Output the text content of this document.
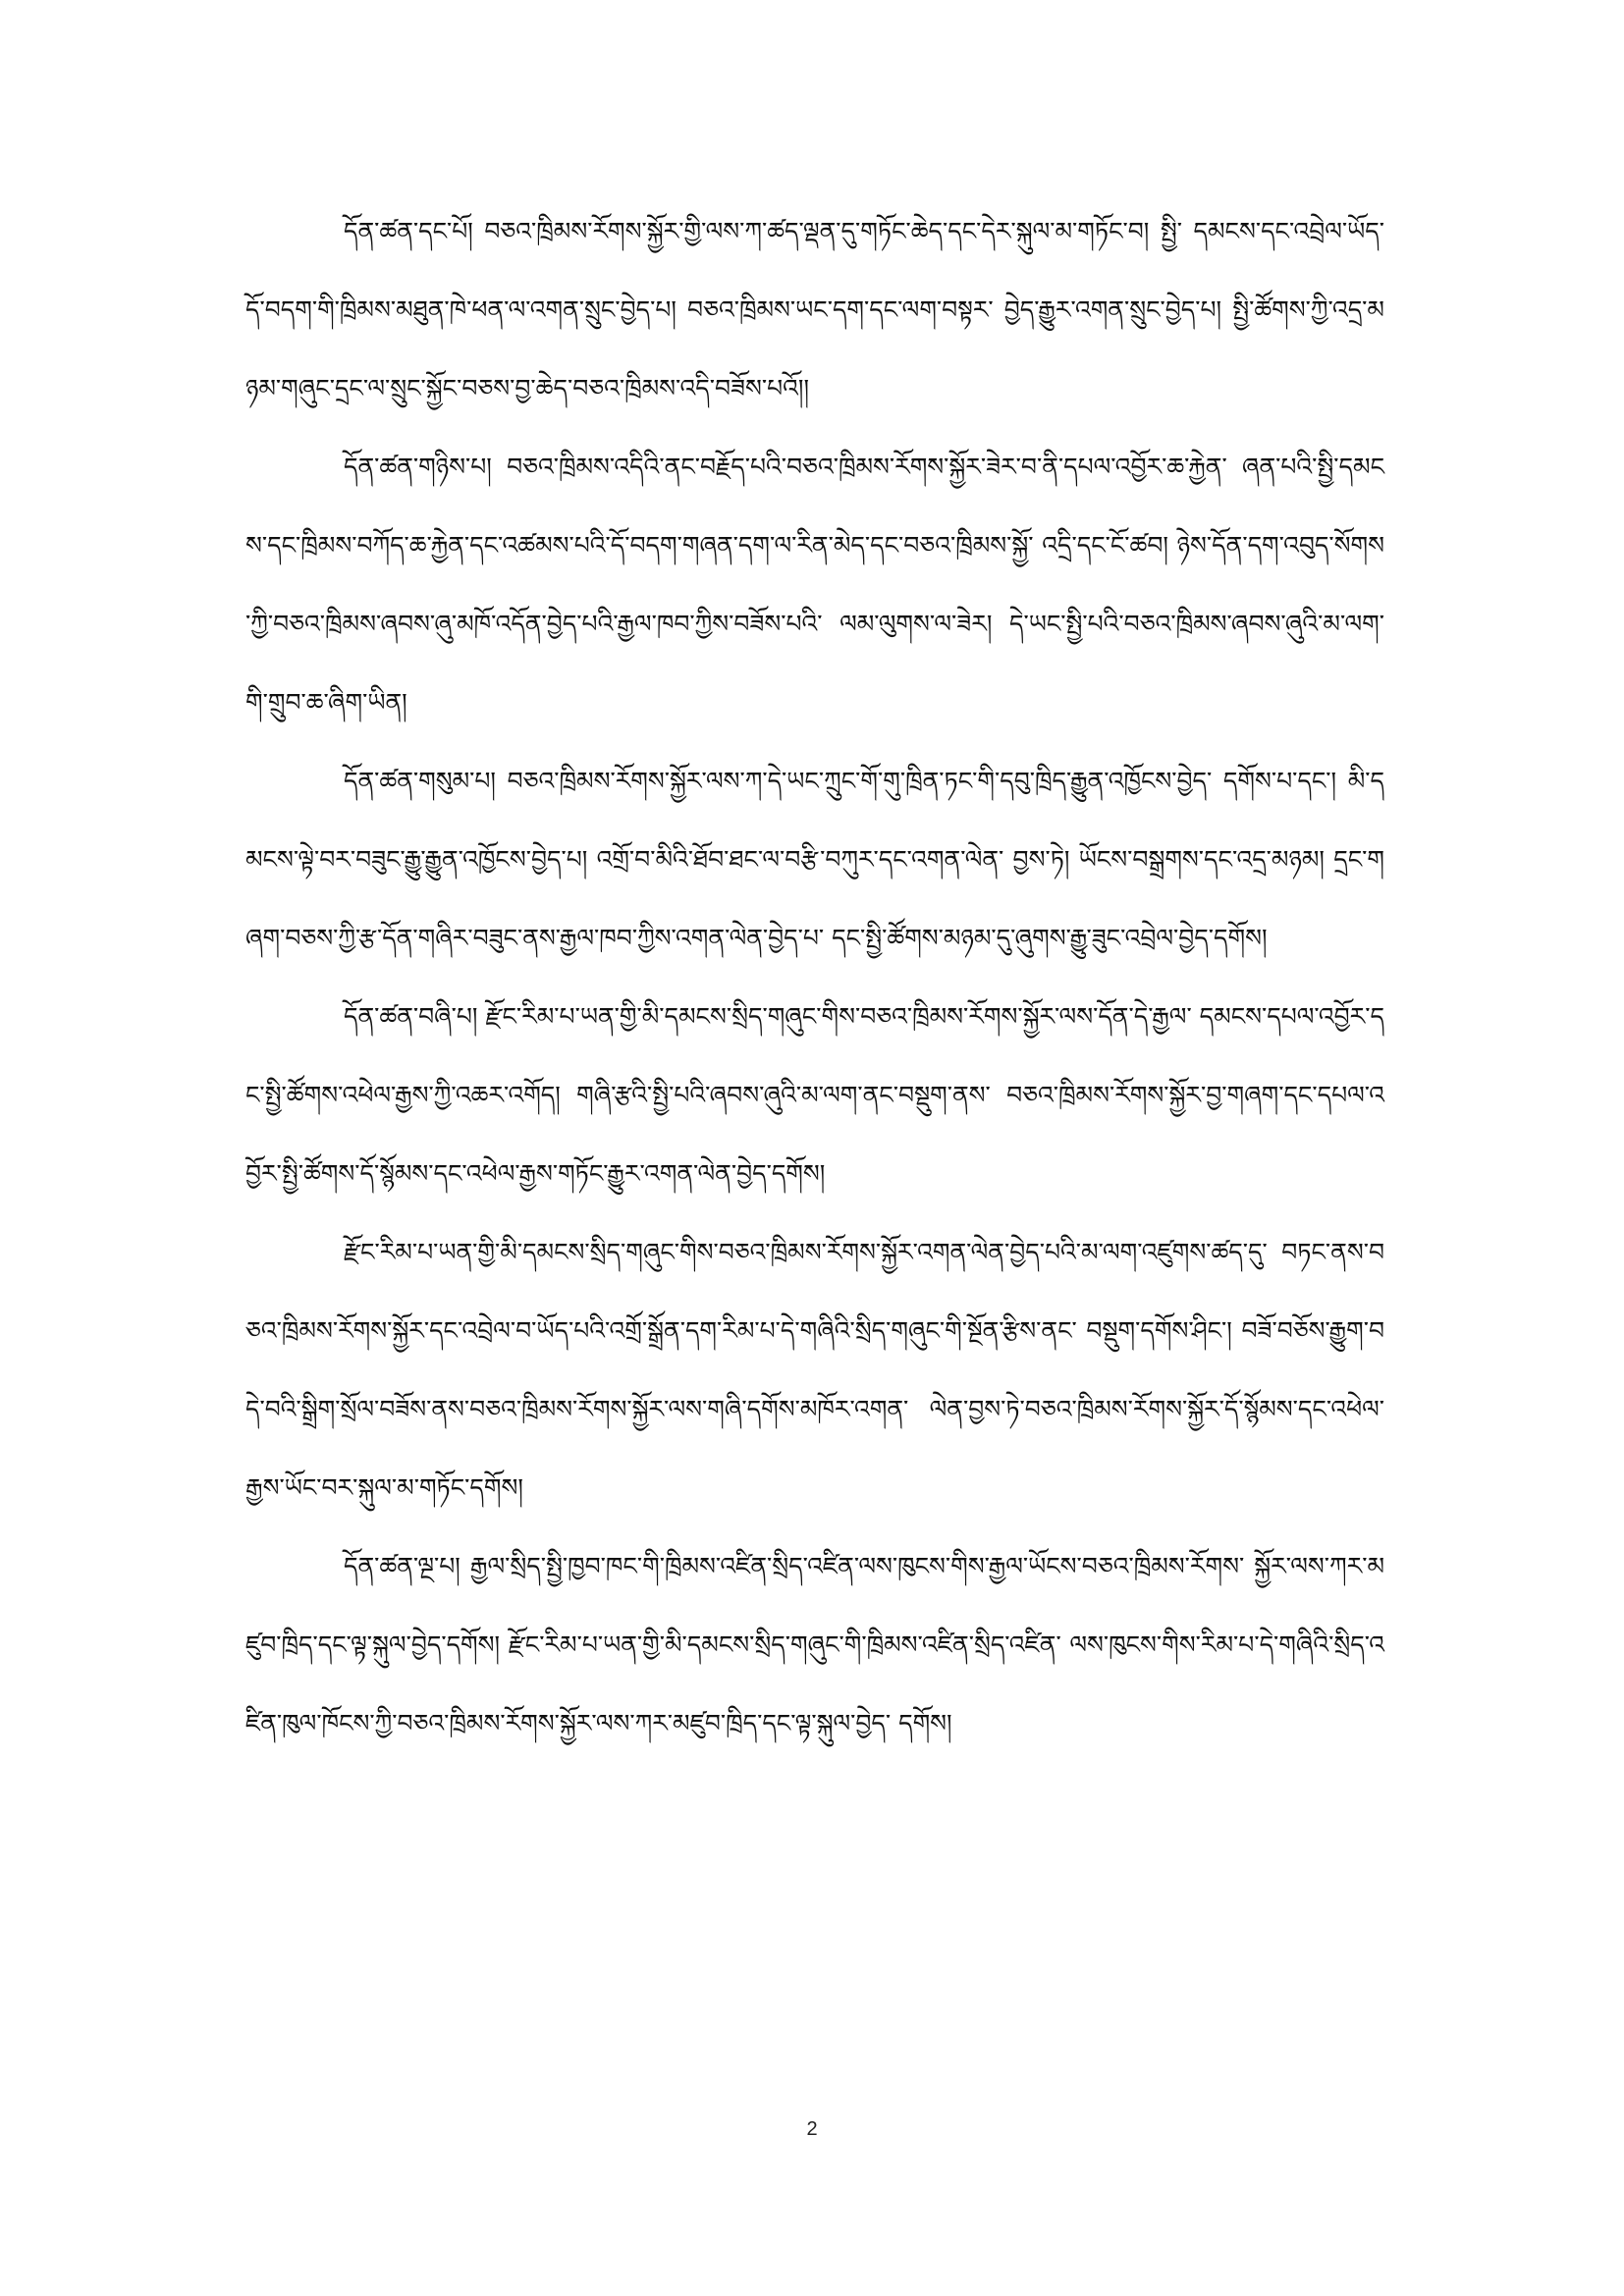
དོན་ཚན་དང་པོ། བཅའ་ཁྲིམས་རོགས་སྐྱོར་གྱི་ལས་ཀ་ཚད་ལྡན་དུ་གཏོང་ཆེད་དང་དེར་སྐུལ་མ་གཏོང་བ། སྤྱི་ དམངས་དང་འབྲེལ་ཡོད་དོ་བདག་གི་ཁྲིམས་མཐུན་ཁེ་ཕན་ལ་འགན་སྲུང་བྱེད་པ། བཅའ་ཁྲིམས་ཡང་དག་དང་ལག་བསྟར་ བྱེད་རྒྱུར་འགན་སྲུང་བྱེད་པ། སྤྱི་ཚོགས་ཀྱི་འདྲ་མཉམ་གཞུང་དྲང་ལ་སྲུང་སྐྱོང་བཅས་བྱ་ཆེད་བཅའ་ཁྲིམས་འདི་བཟོས་པའོ།།

དོན་ཚན་གཉིས་པ། བཅའ་ཁྲིམས་འདིའི་ནང་བརྗོད་པའི་བཅའ་ཁྲིམས་རོགས་སྐྱོར་ཟེར་བ་ནི་དཔལ་འབྱོར་ཆ་རྐྱེན་ ཞན་པའི་སྤྱི་དམངས་དང་ཁྲིམས་བཀོད་ཆ་རྐྱེན་དང་འཚམས་པའི་དོ་བདག་གཞན་དག་ལ་རིན་མེད་དང་བཅའ་ཁྲིམས་སྐྱོ་ འདྲི་དང་ངོ་ཚབ། ཉེས་དོན་དག་འབུད་སོགས་ཀྱི་བཅའ་ཁྲིམས་ཞབས་ཞུ་མཁོ་འདོན་བྱེད་པའི་རྒྱལ་ཁབ་ཀྱིས་བཟོས་པའི་ ལམ་ལུགས་ལ་ཟེར། དེ་ཡང་སྤྱི་པའི་བཅའ་ཁྲིམས་ཞབས་ཞུའི་མ་ལག་གི་གྲུབ་ཆ་ཞིག་ཡིན།

དོན་ཚན་གསུམ་པ། བཅའ་ཁྲིམས་རོགས་སྐྱོར་ལས་ཀ་དེ་ཡང་ཀྲུང་གོ་གུ་ཁྲིན་ཏང་གི་དབུ་ཁྲིད་རྒྱུན་འཁྱོངས་བྱེད་ དགོས་པ་དང་། མི་དམངས་ལྟེ་བར་བཟུང་རྒྱུ་རྒྱུན་འཁྱོངས་བྱེད་པ། འགྲོ་བ་མིའི་ཐོབ་ཐང་ལ་བརྩི་བཀུར་དང་འགན་ལེན་ བྱས་ཏེ། ཡོངས་བསྒྲགས་དང་འདྲ་མཉམ། དྲང་གཞག་བཅས་ཀྱི་རྩ་དོན་གཞིར་བཟུང་ནས་རྒྱལ་ཁབ་ཀྱིས་འགན་ལེན་བྱེད་པ་ དང་སྤྱི་ཚོགས་མཉམ་དུ་ཞུགས་རྒྱུ་ཟུང་འབྲེལ་བྱེད་དགོས།

དོན་ཚན་བཞི་པ། རྫོང་རིམ་པ་ཡན་གྱི་མི་དམངས་སྲིད་གཞུང་གིས་བཅའ་ཁྲིམས་རོགས་སྐྱོར་ལས་དོན་དེ་རྒྱལ་ དམངས་དཔལ་འབྱོར་དང་སྤྱི་ཚོགས་འཕེལ་རྒྱས་ཀྱི་འཆར་འགོད། གཞི་རྩའི་སྤྱི་པའི་ཞབས་ཞུའི་མ་ལག་ནང་བསྡུག་ནས་ བཅའ་ཁྲིམས་རོགས་སྐྱོར་བྱ་གཞག་དང་དཔལ་འབྱོར་སྤྱི་ཚོགས་དོ་སྙོམས་དང་འཕེལ་རྒྱས་གཏོང་རྒྱུར་འགན་ལེན་བྱེད་དགོས།

རྫོང་རིམ་པ་ཡན་གྱི་མི་དམངས་སྲིད་གཞུང་གིས་བཅའ་ཁྲིམས་རོགས་སྐྱོར་འགན་ལེན་བྱེད་པའི་མ་ལག་འཛུགས་ཚད་དུ་ བཏང་ནས་བཅའ་ཁྲིམས་རོགས་སྐྱོར་དང་འབྲེལ་བ་ཡོད་པའི་འགྲོ་སྒྲོན་དག་རིམ་པ་དེ་གཞིའི་སྲིད་གཞུང་གི་སྔོན་རྩིས་ནང་ བསྡུག་དགོས་ཤིང་། བཟོ་བཅོས་རྒྱུག་བདེ་བའི་སྒྲིག་སྲོལ་བཟོས་ནས་བཅའ་ཁྲིམས་རོགས་སྐྱོར་ལས་གཞི་དགོས་མཁོར་འགན་ ལེན་བྱས་ཏེ་བཅའ་ཁྲིམས་རོགས་སྐྱོར་དོ་སྙོམས་དང་འཕེལ་རྒྱས་ཡོང་བར་སྐུལ་མ་གཏོང་དགོས།

དོན་ཚན་ལྔ་པ། རྒྱལ་སྲིད་སྤྱི་ཁྱབ་ཁང་གི་ཁྲིམས་འཛིན་སྲིད་འཛིན་ལས་ཁུངས་གིས་རྒྱལ་ཡོངས་བཅའ་ཁྲིམས་རོགས་ སྐྱོར་ལས་ཀར་མཛུབ་ཁྲིད་དང་ལྟ་སྐུལ་བྱེད་དགོས། རྫོང་རིམ་པ་ཡན་གྱི་མི་དམངས་སྲིད་གཞུང་གི་ཁྲིམས་འཛིན་སྲིད་འཛིན་ ལས་ཁུངས་གིས་རིམ་པ་དེ་གཞིའི་སྲིད་འཛིན་ཁུལ་ཁོངས་ཀྱི་བཅའ་ཁྲིམས་རོགས་སྐྱོར་ལས་ཀར་མཛུབ་ཁྲིད་དང་ལྟ་སྐུལ་བྱེད་ དགོས།

2
